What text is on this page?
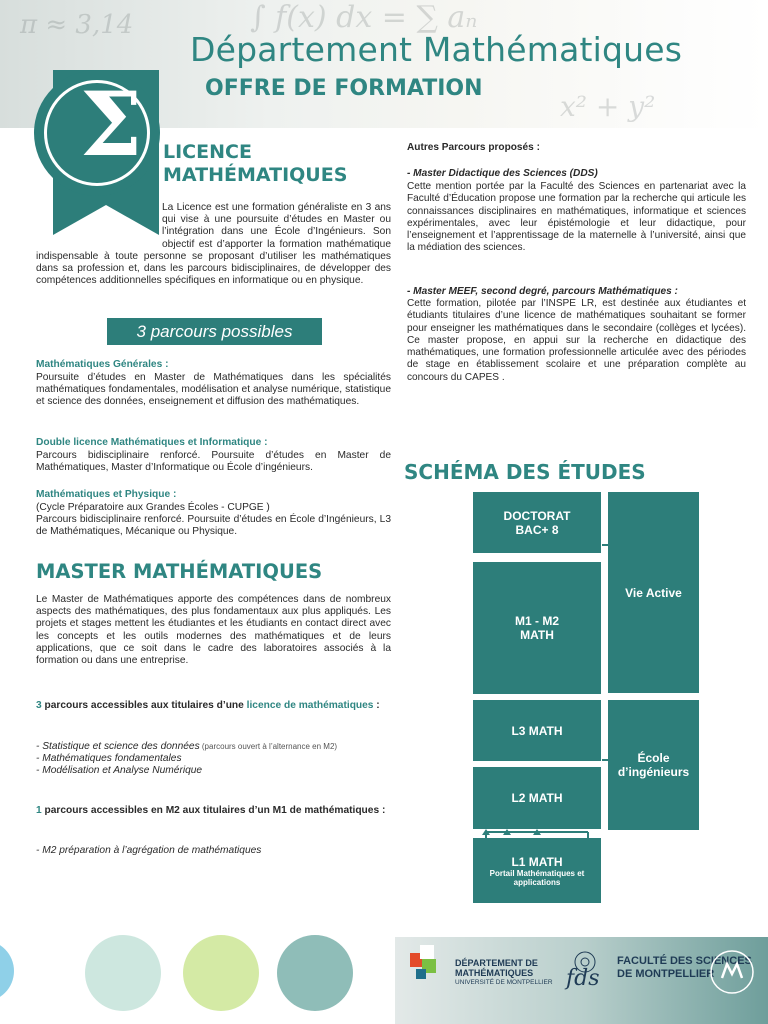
∫ f(x) dx = ∑ aₙ
x² + y²
π ≈ 3,14
Département Mathématiques
OFFRE DE FORMATION
Σ LICENCE
MATHÉMATIQUES
La Licence est une formation généraliste en 3 ans qui vise à une poursuite d’études en Master ou l’intégration dans une École d’Ingénieurs. Son objectif est d’apporter la formation mathématique indispensable à toute personne se proposant d’utiliser les mathématiques dans sa profession et, dans les parcours bidisciplinaires, de développer des compétences additionnelles spécifiques en informatique ou en physique.
3 parcours possibles
Mathématiques Générales :
Poursuite d’études en Master de Mathématiques dans les spécialités mathématiques fondamentales, modélisation et analyse numérique, statistique et science des données, enseignement et diffusion des mathématiques.
Double licence Mathématiques et Informatique :
Parcours bidisciplinaire renforcé. Poursuite d’études en Master de Mathématiques, Master d’Informatique ou École d’ingénieurs.
Mathématiques et Physique :
(Cycle Préparatoire aux Grandes Écoles - CUPGE )
Parcours bidisciplinaire renforcé. Poursuite d’études en École d’Ingénieurs, L3 de Mathématiques, Mécanique ou Physique.
MASTER MATHÉMATIQUES
Le Master de Mathématiques apporte des compétences dans de nombreux aspects des mathématiques, des plus fondamentaux aux plus appliqués. Les projets et stages mettent les étudiantes et les étudiants en contact direct avec les concepts et les outils modernes des mathématiques et de leurs applications, que ce soit dans le cadre des laboratoires associés à la formation ou dans une entreprise.
3 parcours accessibles aux titulaires d’une licence de mathématiques :
- Statistique et science des données (parcours ouvert à l’alternance en M2)
- Mathématiques fondamentales
- Modélisation et Analyse Numérique
1 parcours accessibles en M2 aux titulaires d’un M1 de mathématiques :
- M2 préparation à l’agrégation de mathématiques
Autres Parcours proposés :
- Master Didactique des Sciences (DDS)
Cette mention portée par la Faculté des Sciences en partenariat avec la Faculté d’Éducation propose une formation par la recherche qui articule les connaissances disciplinaires en mathématiques, informatique et sciences expérimentales, avec leur épistémologie et leur didactique, pour l’enseignement et l’apprentissage de la maternelle à l’université, ainsi que la médiation des sciences.
- Master MEEF, second degré, parcours Mathématiques :
Cette formation, pilotée par l’INSPE LR, est destinée aux étudiantes et étudiants titulaires d’une licence de mathématiques souhaitant se former pour enseigner les mathématiques dans le secondaire (collèges et lycées). Ce master propose, en appui sur la recherche en didactique des mathématiques, une formation professionnelle articulée avec des périodes de stage en établissement scolaire et une préparation complète au concours du CAPES .
SCHÉMA DES ÉTUDES
DOCTORAT
BAC+ 8
M1 - M2
MATH
L3 MATH
L2 MATH
L1 MATH
Portail Mathématiques et applications
Vie Active
École
d’ingénieurs
DÉPARTEMENT DE
MATHÉMATIQUES
UNIVERSITÉ DE MONTPELLIER fds
FACULTÉ DES SCIENCES
DE MONTPELLIER
